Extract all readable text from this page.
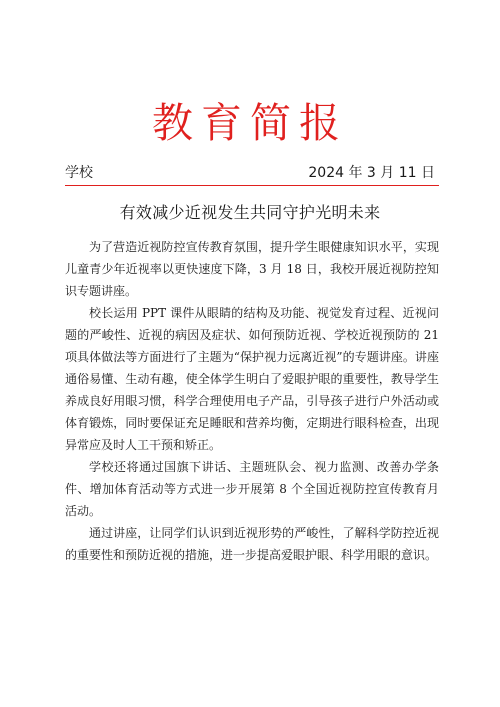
教育简报
学校	2024 年 3 月 11 日
有效减少近视发生共同守护光明未来

为了营造近视防控宣传教育氛围，提升学生眼健康知识水平，实现儿童青少年近视率以更快速度下降，3 月 18 日，我校开展近视防控知识专题讲座。

校长运用 PPT 课件从眼睛的结构及功能、视觉发育过程、近视问题的严峻性、近视的病因及症状、如何预防近视、学校近视预防的 21 项具体做法等方面进行了主题为“保护视力远离近视”的专题讲座。讲座通俗易懂、生动有趣，使全体学生明白了爱眼护眼的重要性，教导学生养成良好用眼习惯，科学合理使用电子产品，引导孩子进行户外活动或体育锻炼，同时要保证充足睡眠和营养均衡，定期进行眼科检查，出现异常应及时人工干预和矫正。

学校还将通过国旗下讲话、主题班队会、视力监测、改善办学条件、增加体育活动等方式进一步开展第 8 个全国近视防控宣传教育月活动。

通过讲座，让同学们认识到近视形势的严峻性，了解科学防控近视的重要性和预防近视的措施，进一步提高爱眼护眼、科学用眼的意识。
